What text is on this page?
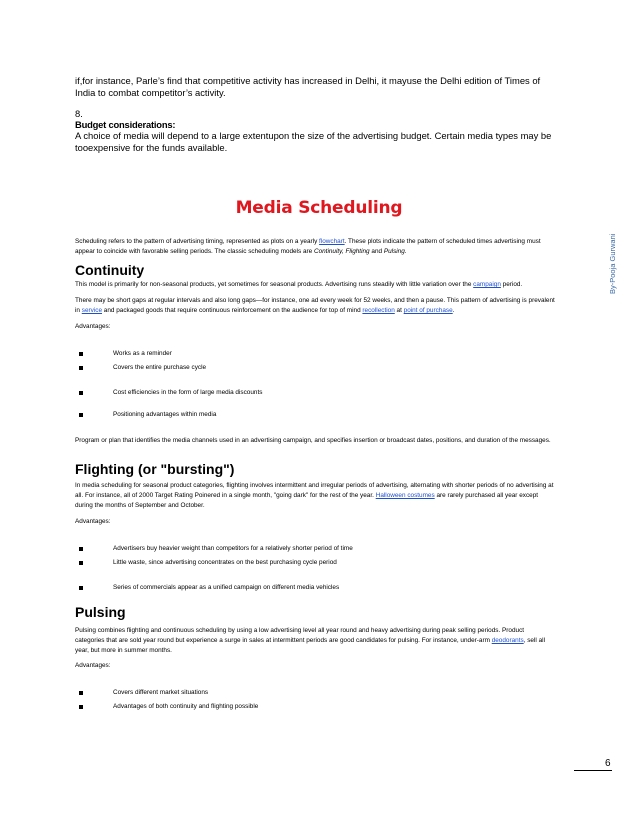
if,for instance, Parle’s find that competitive activity has increased in Delhi, it mayuse the Delhi edition of Times of India to combat competitor’s activity.

8.

Budget considerations:

A choice of media will depend to a large extentupon the size of the advertising budget. Certain media types may be tooexpensive for the funds available.

Media Scheduling

Scheduling refers to the pattern of advertising timing, represented as plots on a yearly flowchart. These plots indicate the pattern of scheduled times advertising must appear to coincide with favorable selling periods. The classic scheduling models are Continuity, Flighting and Pulsing.

Continuity

This model is primarily for non-seasonal products, yet sometimes for seasonal products. Advertising runs steadily with little variation over the campaign period.

There may be short gaps at regular intervals and also long gaps—for instance, one ad every week for 52 weeks, and then a pause. This pattern of advertising is prevalent in service and packaged goods that require continuous reinforcement on the audience for top of mind recollection at point of purchase.

Advantages:

Works as a reminder
Covers the entire purchase cycle
Cost efficiencies in the form of large media discounts
Positioning advantages within media

Program or plan that identifies the media channels used in an advertising campaign, and specifies insertion or broadcast dates, positions, and duration of the messages.

Flighting (or "bursting")

In media scheduling for seasonal product categories, flighting involves intermittent and irregular periods of advertising, alternating with shorter periods of no advertising at all. For instance, all of 2000 Target Rating Poinered in a single month, "going dark" for the rest of the year. Halloween costumes are rarely purchased all year except during the months of September and October.

Advantages:

Advertisers buy heavier weight than competitors for a relatively shorter period of time
Little waste, since advertising concentrates on the best purchasing cycle period
Series of commercials appear as a unified campaign on different media vehicles
Pulsing

Pulsing combines flighting and continuous scheduling by using a low advertising level all year round and heavy advertising during peak selling periods. Product categories that are sold year round but experience a surge in sales at intermittent periods are good candidates for pulsing. For instance, under-arm deodorants, sell all year, but more in summer months.

Advantages:

Covers different market situations
Advantages of both continuity and flighting possible
By-Pooja Gurwani
6
